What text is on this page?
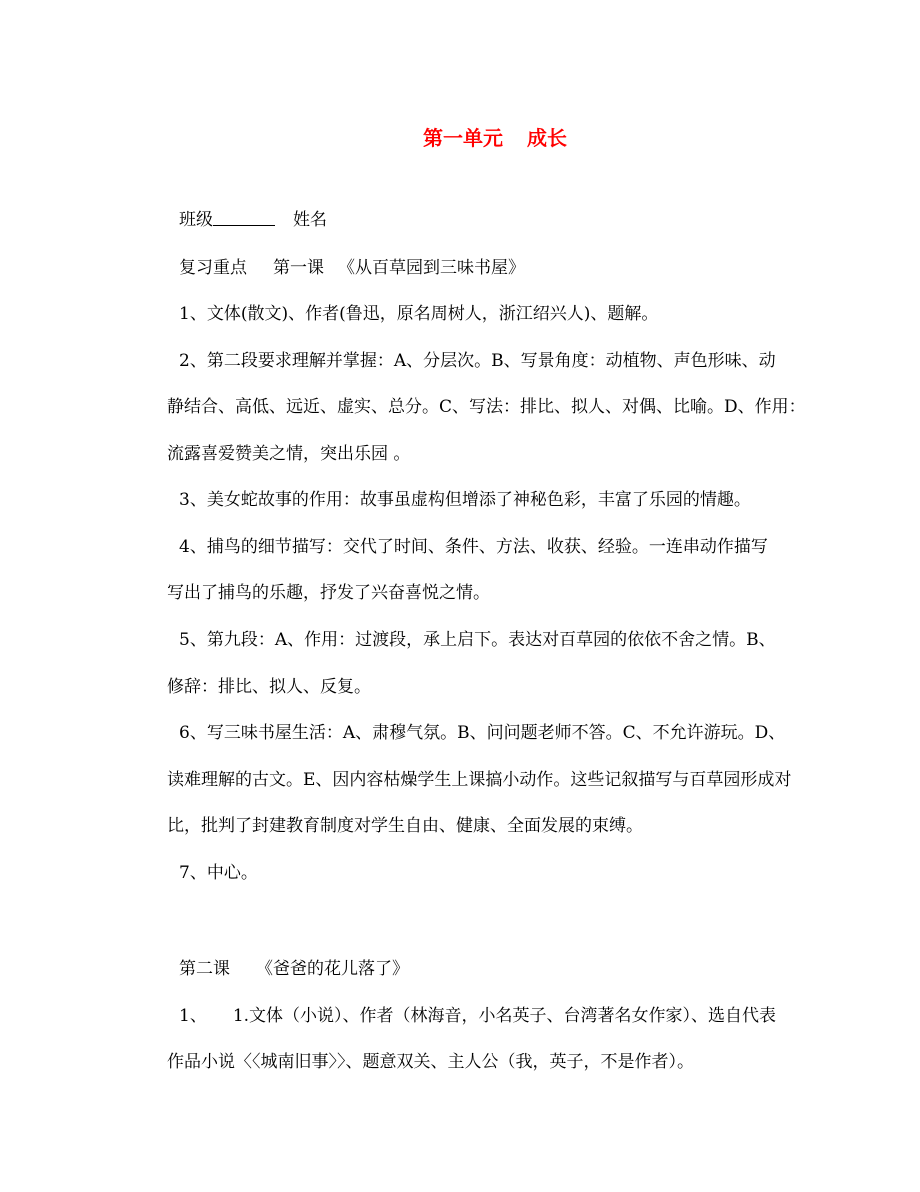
第一单元 成长
班级	姓名
复习重点 第一课 《从百草园到三味书屋》
1、文体(散文)、作者(鲁迅，原名周树人，浙江绍兴人)、题解。
2、第二段要求理解并掌握：A、分层次。B、写景角度：动植物、声色形味、动
静结合、高低、远近、虚实、总分。C、写法：排比、拟人、对偶、比喻。D、作用：
流露喜爱赞美之情，突出乐园 。
3、美女蛇故事的作用：故事虽虚构但增添了神秘色彩，丰富了乐园的情趣。
4、捕鸟的细节描写：交代了时间、条件、方法、收获、经验。一连串动作描写
写出了捕鸟的乐趣，抒发了兴奋喜悦之情。
5、第九段：A、作用：过渡段，承上启下。表达对百草园的依依不舍之情。B、
修辞：排比、拟人、反复。
6、写三味书屋生活：A、肃穆气氛。B、问问题老师不答。C、不允许游玩。D、
读难理解的古文。E、因内容枯燥学生上课搞小动作。这些记叙描写与百草园形成对
比，批判了封建教育制度对学生自由、健康、全面发展的束缚。
7、中心。
第二课 《爸爸的花儿落了》
1、 1.文体（小说）、作者（林海音，小名英子、台湾著名女作家）、选自代表
作品小说〈〈城南旧事〉〉、题意双关、主人公（我，英子，不是作者）。
